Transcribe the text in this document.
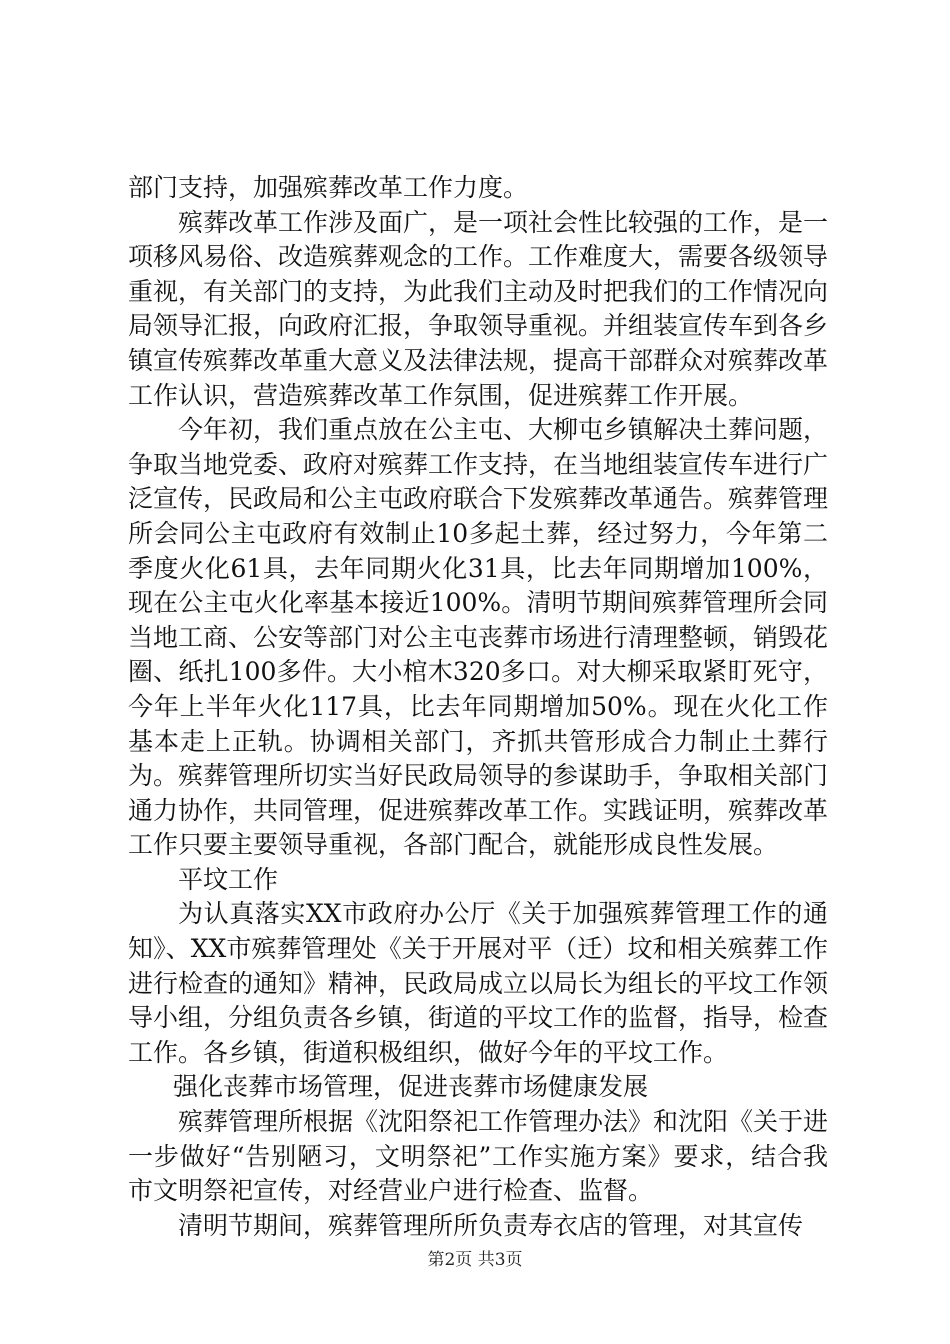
部门支持，加强殡葬改革工作力度。

殡葬改革工作涉及面广，是一项社会性比较强的工作，是一项移风易俗、改造殡葬观念的工作。工作难度大，需要各级领导重视，有关部门的支持，为此我们主动及时把我们的工作情况向局领导汇报，向政府汇报，争取领导重视。并组装宣传车到各乡镇宣传殡葬改革重大意义及法律法规，提高干部群众对殡葬改革工作认识，营造殡葬改革工作氛围，促进殡葬工作开展。

今年初，我们重点放在公主屯、大柳屯乡镇解决土葬问题，争取当地党委、政府对殡葬工作支持，在当地组装宣传车进行广泛宣传，民政局和公主屯政府联合下发殡葬改革通告。殡葬管理所会同公主屯政府有效制止10多起土葬，经过努力，今年第二季度火化61具，去年同期火化31具，比去年同期增加100%，现在公主屯火化率基本接近100%。清明节期间殡葬管理所会同当地工商、公安等部门对公主屯丧葬市场进行清理整顿，销毁花圈、纸扎100多件。大小棺木320多口。对大柳采取紧盯死守，今年上半年火化117具，比去年同期增加50%。现在火化工作基本走上正轨。协调相关部门，齐抓共管形成合力制止土葬行为。殡葬管理所切实当好民政局领导的参谋助手，争取相关部门通力协作，共同管理，促进殡葬改革工作。实践证明，殡葬改革工作只要主要领导重视，各部门配合，就能形成良性发展。

平坟工作

为认真落实XX市政府办公厅《关于加强殡葬管理工作的通知》、XX市殡葬管理处《关于开展对平（迁）坟和相关殡葬工作进行检查的通知》精神，民政局成立以局长为组长的平坟工作领导小组，分组负责各乡镇，街道的平坟工作的监督，指导，检查工作。各乡镇，街道积极组织，做好今年的平坟工作。

强化丧葬市场管理，促进丧葬市场健康发展

殡葬管理所根据《沈阳祭祀工作管理办法》和沈阳《关于进一步做好“告别陋习，文明祭祀”工作实施方案》要求，结合我市文明祭祀宣传，对经营业户进行检查、监督。

清明节期间，殡葬管理所所负责寿衣店的管理，对其宣传

第2页 共3页
